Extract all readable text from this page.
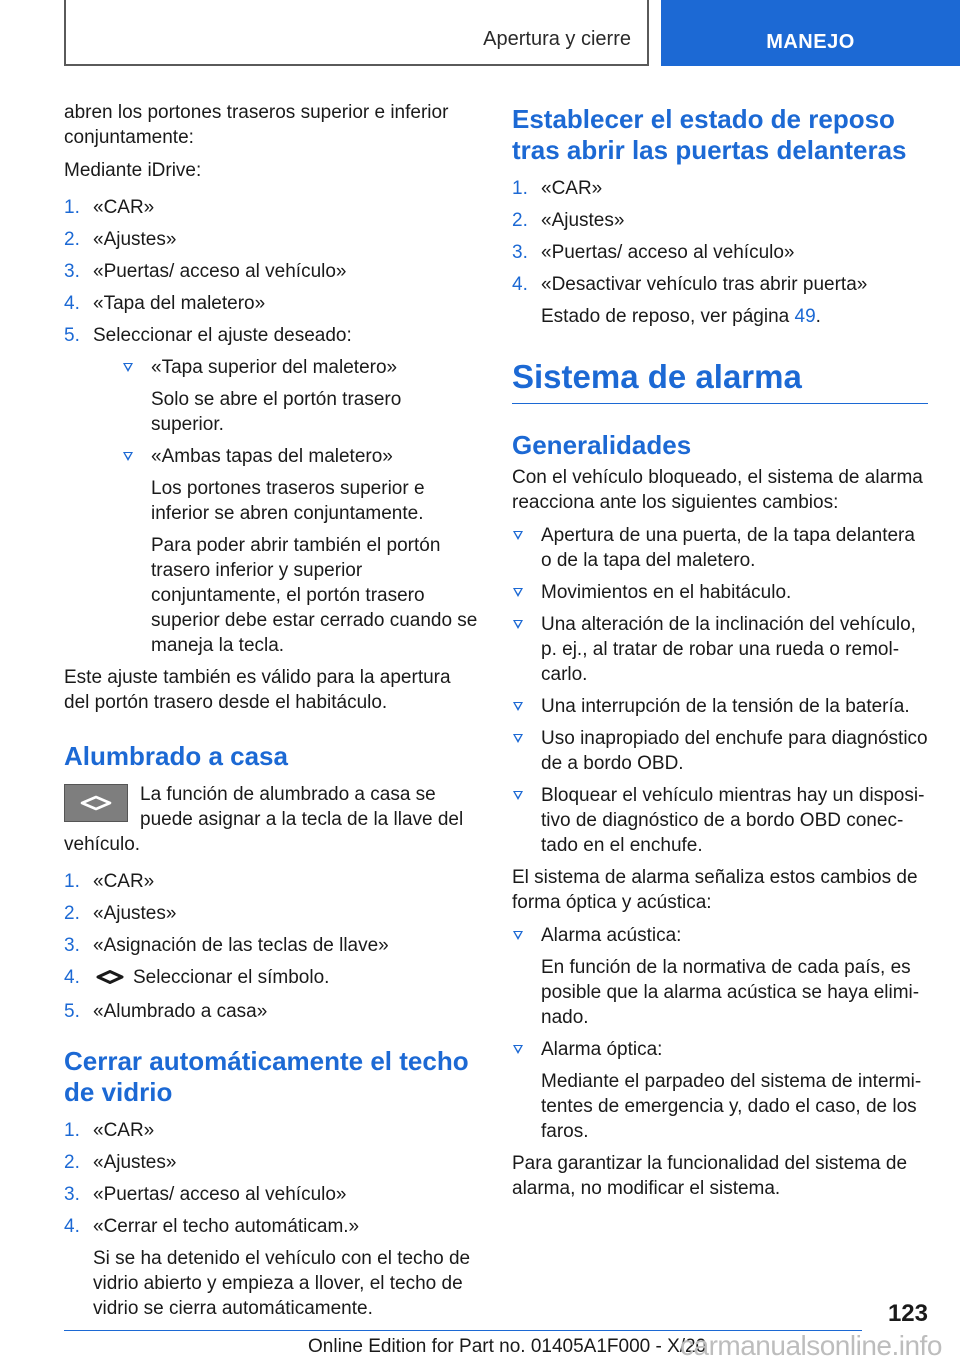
Apertura y cierre	MANEJO

abren los portones traseros superior e inferior conjuntamente:

Mediante iDrive:

1. «CAR»
2. «Ajustes»
3. «Puertas/ acceso al vehículo»
4. «Tapa del maletero»
5. Seleccionar el ajuste deseado:
«Tapa superior del maletero»
Solo se abre el portón trasero superior.
«Ambas tapas del maletero»
Los portones traseros superior e inferior se abren conjuntamente.
Para poder abrir también el portón trasero inferior y superior conjuntamente, el portón trasero superior debe estar cerrado cuando se maneja la tecla.

Este ajuste también es válido para la apertura del portón trasero desde el habitáculo.

Alumbrado a casa
La función de alumbrado a casa se puede asignar a la tecla de la llave del vehículo.
1. «CAR»
2. «Ajustes»
3. «Asignación de las teclas de llave»
4.	Seleccionar el símbolo.
5. «Alumbrado a casa»
Cerrar automáticamente el techo de vidrio
1. «CAR»
2. «Ajustes»
3. «Puertas/ acceso al vehículo»
4. «Cerrar el techo automáticam.»
Si se ha detenido el vehículo con el techo de vidrio abierto y empieza a llover, el techo de vidrio se cierra automáticamente.
Establecer el estado de reposo tras abrir las puertas delanteras
1. «CAR»
2. «Ajustes»
3. «Puertas/ acceso al vehículo»
4. «Desactivar vehículo tras abrir puerta»
Estado de reposo, ver página 49.
Sistema de alarma
Generalidades

Con el vehículo bloqueado, el sistema de alarma reacciona ante los siguientes cambios:

Apertura de una puerta, de la tapa delantera o de la tapa del maletero.
Movimientos en el habitáculo.
Una alteración de la inclinación del vehículo, p. ej., al tratar de robar una rueda o remolcarlo.
Una interrupción de la tensión de la batería.
Uso inapropiado del enchufe para diagnóstico de a bordo OBD.
Bloquear el vehículo mientras hay un dispositivo de diagnóstico de a bordo OBD conectado en el enchufe.

El sistema de alarma señaliza estos cambios de forma óptica y acústica:

Alarma acústica:
En función de la normativa de cada país, es posible que la alarma acústica se haya eliminado.
Alarma óptica:
Mediante el parpadeo del sistema de intermitentes de emergencia y, dado el caso, de los faros.

Para garantizar la funcionalidad del sistema de alarma, no modificar el sistema.

123
Online Edition for Part no. 01405A1F000 - X/20
carmanualsonline.info
